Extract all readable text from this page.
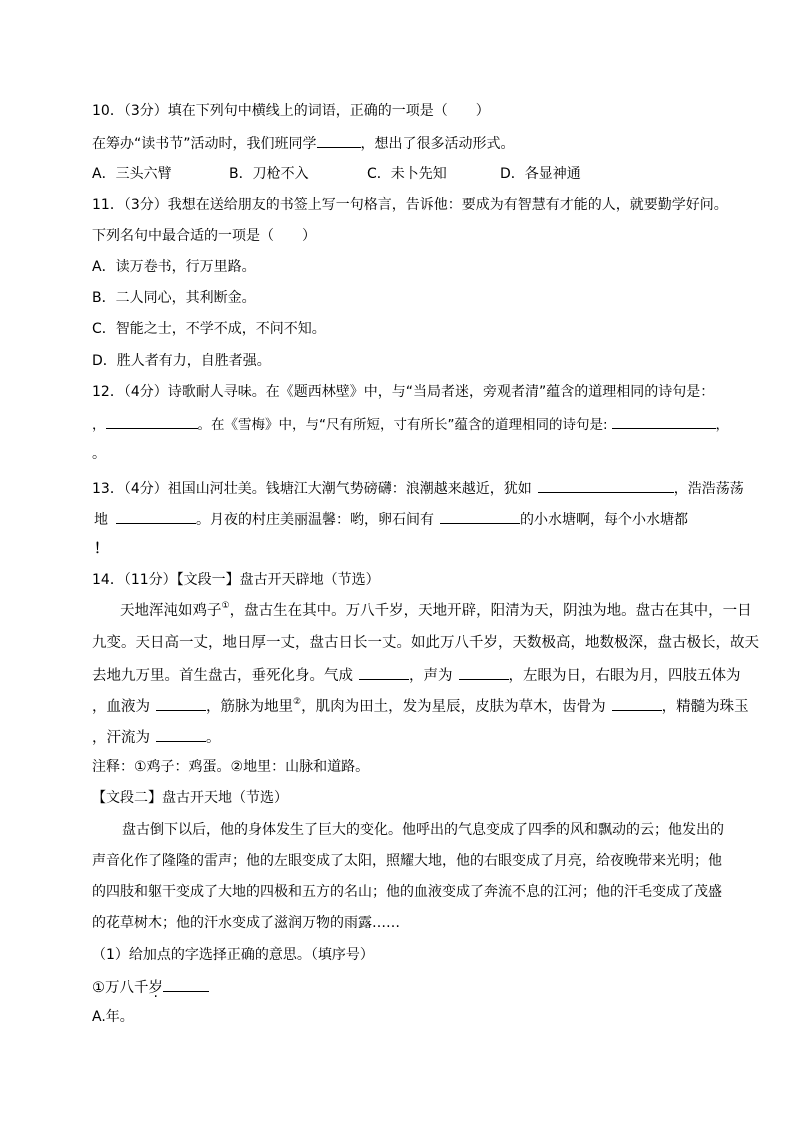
10．（3分）填在下列句中横线上的词语，正确的一项是（　　）
在筹办“读书节”活动时，我们班同学	，想出了很多活动形式。
A．三头六臂	B．刀枪不入	C．未卜先知	D．各显神通
11．（3分）我想在送给朋友的书签上写一句格言，告诉他：要成为有智慧有才能的人，就要勤学好问。
下列名句中最合适的一项是（　　）
A．读万卷书，行万里路。
B．二人同心，其利断金。
C．智能之士，不学不成，不问不知。
D．胜人者有力，自胜者强。
12．（4分）诗歌耐人寻味。在《题西林壁》中，与“当局者迷，旁观者清”蕴含的道理相同的诗句是：
，	。在《雪梅》中，与“尺有所短，寸有所长”蕴含的道理相同的诗句是:	，
。
13．（4分）祖国山河壮美。钱塘江大潮气势磅礴：浪潮越来越近，犹如	，浩浩荡荡
地	。月夜的村庄美丽温馨：哟，卵石间有	的小水塘啊，每个小水塘都
！
14．（11分）【文段一】盘古开天辟地（节选）
天地浑沌如鸡子①，盘古生在其中。万八千岁，天地开辟，阳清为天，阴浊为地。盘古在其中，一日
九变。天日高一丈，地日厚一丈，盘古日长一丈。如此万八千岁，天数极高，地数极深，盘古极长，故天
去地九万里。首生盘古，垂死化身。气成	，声为	，左眼为日，右眼为月，四肢五体为
，血液为	，筋脉为地里②，肌肉为田土，发为星辰，皮肤为草木，齿骨为	，精髓为珠玉
，汗流为	。
注释：①鸡子：鸡蛋。②地里：山脉和道路。
【文段二】盘古开天地（节选）
盘古倒下以后，他的身体发生了巨大的变化。他呼出的气息变成了四季的风和飘动的云；他发出的
声音化作了隆隆的雷声；他的左眼变成了太阳，照耀大地，他的右眼变成了月亮，给夜晚带来光明；他
的四肢和躯干变成了大地的四极和五方的名山；他的血液变成了奔流不息的江河；他的汗毛变成了茂盛
的花草树木；他的汗水变成了滋润万物的雨露……
（1）给加点的字选择正确的意思。（填序号）
①万八千岁
A.年。
